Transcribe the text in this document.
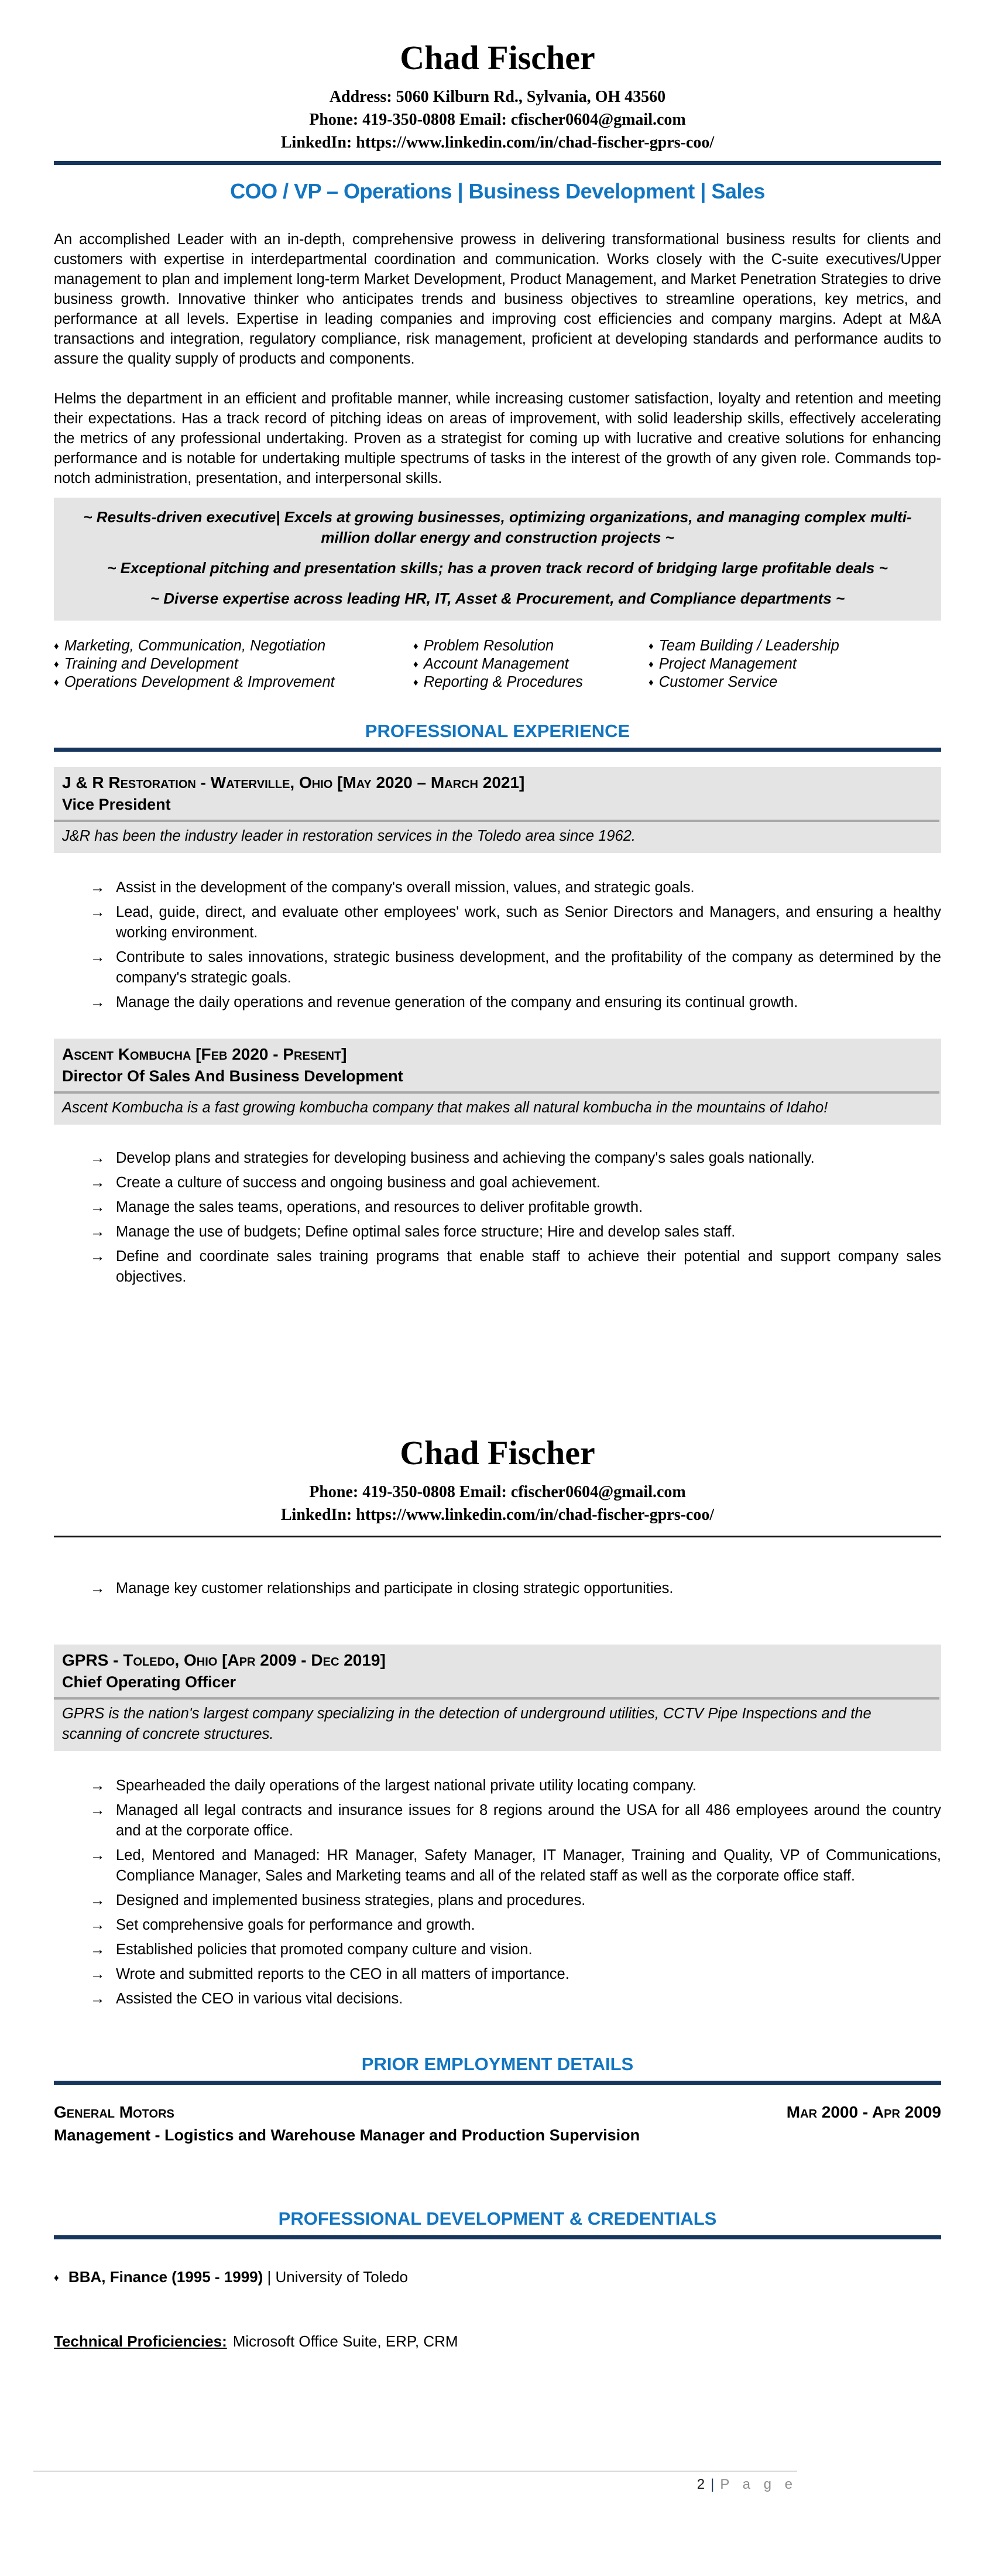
Chad Fischer
Address: 5060 Kilburn Rd., Sylvania, OH 43560
Phone: 419-350-0808 Email: cfischer0604@gmail.com
LinkedIn: https://www.linkedin.com/in/chad-fischer-gprs-coo/
COO / VP – Operations | Business Development | Sales
An accomplished Leader with an in-depth, comprehensive prowess in delivering transformational business results for clients and customers with expertise in interdepartmental coordination and communication. Works closely with the C-suite executives/Upper management to plan and implement long-term Market Development, Product Management, and Market Penetration Strategies to drive business growth. Innovative thinker who anticipates trends and business objectives to streamline operations, key metrics, and performance at all levels. Expertise in leading companies and improving cost efficiencies and company margins. Adept at M&A transactions and integration, regulatory compliance, risk management, proficient at developing standards and performance audits to assure the quality supply of products and components.
Helms the department in an efficient and profitable manner, while increasing customer satisfaction, loyalty and retention and meeting their expectations. Has a track record of pitching ideas on areas of improvement, with solid leadership skills, effectively accelerating the metrics of any professional undertaking. Proven as a strategist for coming up with lucrative and creative solutions for enhancing performance and is notable for undertaking multiple spectrums of tasks in the interest of the growth of any given role. Commands top-notch administration, presentation, and interpersonal skills.
~ Results-driven executive| Excels at growing businesses, optimizing organizations, and managing complex multi-million dollar energy and construction projects ~
~ Exceptional pitching and presentation skills; has a proven track record of bridging large profitable deals ~
~ Diverse expertise across leading HR, IT, Asset & Procurement, and Compliance departments ~
♦ Marketing, Communication, Negotiation
♦ Training and Development
♦ Operations Development & Improvement
♦ Problem Resolution
♦ Account Management
♦ Reporting & Procedures
♦ Team Building / Leadership
♦ Project Management
♦ Customer Service
PROFESSIONAL EXPERIENCE
J & R Restoration - Waterville, Ohio [May 2020 – March 2021]
Vice President
J&R has been the industry leader in restoration services in the Toledo area since 1962.
→ Assist in the development of the company's overall mission, values, and strategic goals.
→ Lead, guide, direct, and evaluate other employees' work, such as Senior Directors and Managers, and ensuring a healthy working environment.
→ Contribute to sales innovations, strategic business development, and the profitability of the company as determined by the company's strategic goals.
→ Manage the daily operations and revenue generation of the company and ensuring its continual growth.
Ascent Kombucha [Feb 2020 - Present]
Director Of Sales And Business Development
Ascent Kombucha is a fast growing kombucha company that makes all natural kombucha in the mountains of Idaho!
→ Develop plans and strategies for developing business and achieving the company's sales goals nationally.
→ Create a culture of success and ongoing business and goal achievement.
→ Manage the sales teams, operations, and resources to deliver profitable growth.
→ Manage the use of budgets; Define optimal sales force structure; Hire and develop sales staff.
→ Define and coordinate sales training programs that enable staff to achieve their potential and support company sales objectives.
Chad Fischer
Phone: 419-350-0808 Email: cfischer0604@gmail.com
LinkedIn: https://www.linkedin.com/in/chad-fischer-gprs-coo/
→ Manage key customer relationships and participate in closing strategic opportunities.
GPRS - Toledo, Ohio [Apr 2009 - Dec 2019]
Chief Operating Officer
GPRS is the nation's largest company specializing in the detection of underground utilities, CCTV Pipe Inspections and the scanning of concrete structures.
→ Spearheaded the daily operations of the largest national private utility locating company.
→ Managed all legal contracts and insurance issues for 8 regions around the USA for all 486 employees around the country and at the corporate office.
→ Led, Mentored and Managed: HR Manager, Safety Manager, IT Manager, Training and Quality, VP of Communications, Compliance Manager, Sales and Marketing teams and all of the related staff as well as the corporate office staff.
→ Designed and implemented business strategies, plans and procedures.
→ Set comprehensive goals for performance and growth.
→ Established policies that promoted company culture and vision.
→ Wrote and submitted reports to the CEO in all matters of importance.
→ Assisted the CEO in various vital decisions.
PRIOR EMPLOYMENT DETAILS
General Motors	Mar 2000 - Apr 2009
Management - Logistics and Warehouse Manager and Production Supervision
PROFESSIONAL DEVELOPMENT & CREDENTIALS
♦ BBA, Finance (1995 - 1999) | University of Toledo
Technical Proficiencies: Microsoft Office Suite, ERP, CRM
2 | P a g e
